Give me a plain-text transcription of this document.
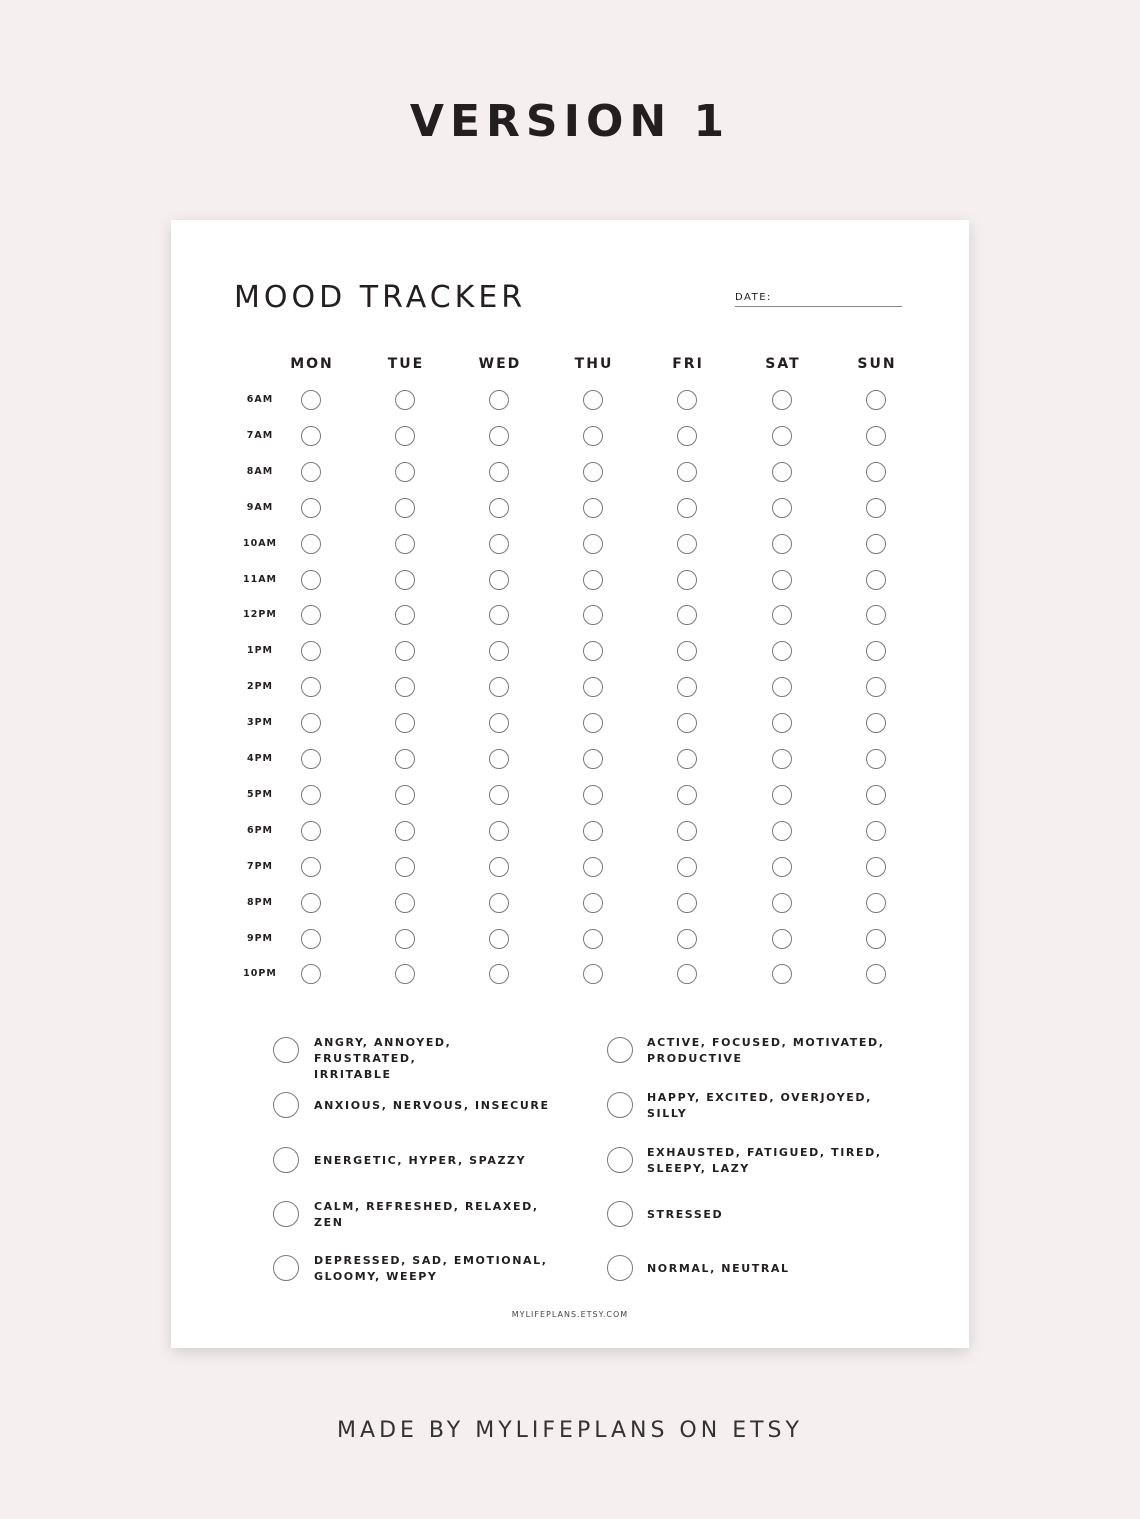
VERSION 1
MOOD TRACKER	DATE:
MYLIFEPLANS.ETSY.COM
MON	TUE	WED	THU	FRI	SAT	SUN
6AM
7AM
8AM
9AM
10AM
11AM
12PM
1PM
2PM
3PM
4PM
5PM
6PM
7PM
8PM
9PM
10PM
ANGRY, ANNOYED, FRUSTRATED,
IRRITABLE
ANXIOUS, NERVOUS, INSECURE
ENERGETIC, HYPER, SPAZZY
CALM, REFRESHED, RELAXED,
ZEN
DEPRESSED, SAD, EMOTIONAL,
GLOOMY, WEEPY
ACTIVE, FOCUSED, MOTIVATED,
PRODUCTIVE
HAPPY, EXCITED, OVERJOYED,
SILLY
EXHAUSTED, FATIGUED, TIRED,
SLEEPY, LAZY
STRESSED
NORMAL, NEUTRAL
MADE BY MYLIFEPLANS ON ETSY
